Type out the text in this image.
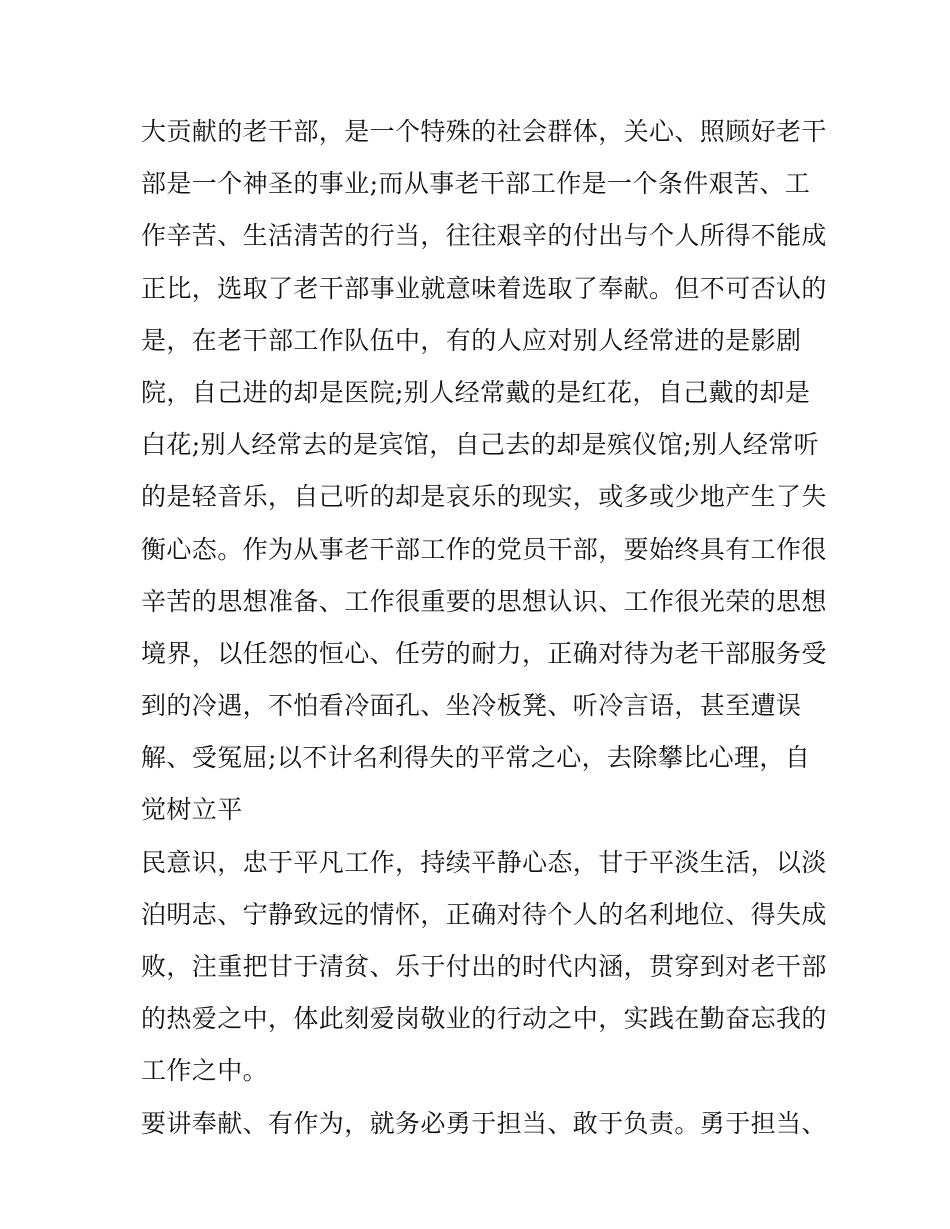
大贡献的老干部，是一个特殊的社会群体，关心、照顾好老干
部是一个神圣的事业;而从事老干部工作是一个条件艰苦、工
作辛苦、生活清苦的行当，往往艰辛的付出与个人所得不能成
正比，选取了老干部事业就意味着选取了奉献。但不可否认的
是，在老干部工作队伍中，有的人应对别人经常进的是影剧
院，自己进的却是医院;别人经常戴的是红花，自己戴的却是
白花;别人经常去的是宾馆，自己去的却是殡仪馆;别人经常听
的是轻音乐，自己听的却是哀乐的现实，或多或少地产生了失
衡心态。作为从事老干部工作的党员干部，要始终具有工作很
辛苦的思想准备、工作很重要的思想认识、工作很光荣的思想
境界，以任怨的恒心、任劳的耐力，正确对待为老干部服务受
到的冷遇，不怕看冷面孔、坐冷板凳、听冷言语，甚至遭误
解、受冤屈;以不计名利得失的平常之心，去除攀比心理，自
觉树立平
民意识，忠于平凡工作，持续平静心态，甘于平淡生活，以淡
泊明志、宁静致远的情怀，正确对待个人的名利地位、得失成
败，注重把甘于清贫、乐于付出的时代内涵，贯穿到对老干部
的热爱之中，体此刻爱岗敬业的行动之中，实践在勤奋忘我的
工作之中。
要讲奉献、有作为，就务必勇于担当、敢于负责。勇于担当、
